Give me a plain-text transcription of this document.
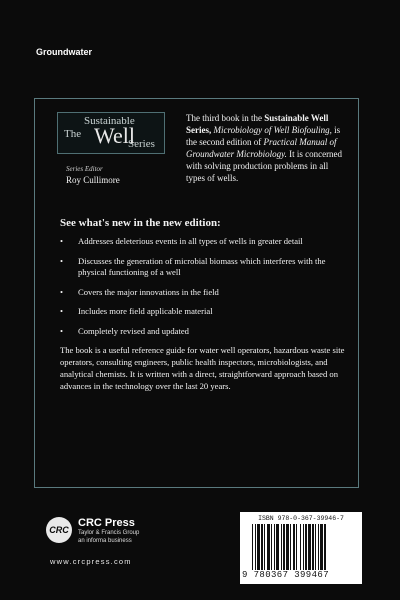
Groundwater
Sustainable
The Well
Series
Series Editor
Roy Cullimore
The third book in the Sustainable Well Series, Microbiology of Well Biofouling, is the second edition of Practical Manual of Groundwater Microbiology. It is concerned with solving production problems in all types of wells.
See what's new in the new edition:
• Addresses deleterious events in all types of wells in greater detail
• Discusses the generation of microbial biomass which interferes with the physical functioning of a well
• Covers the major innovations in the field
• Includes more field applicable material
• Completely revised and updated
The book is a useful reference guide for water well operators, hazardous waste site operators, consulting engineers, public health inspectors, microbiologists, and analytical chemists. It is written with a direct, straightforward approach based on advances in the technology over the last 20 years.
CRC
CRC Press
Taylor & Francis Group
an informa business
www.crcpress.com
ISBN 978-0-367-39946-7
9 780367 399467
